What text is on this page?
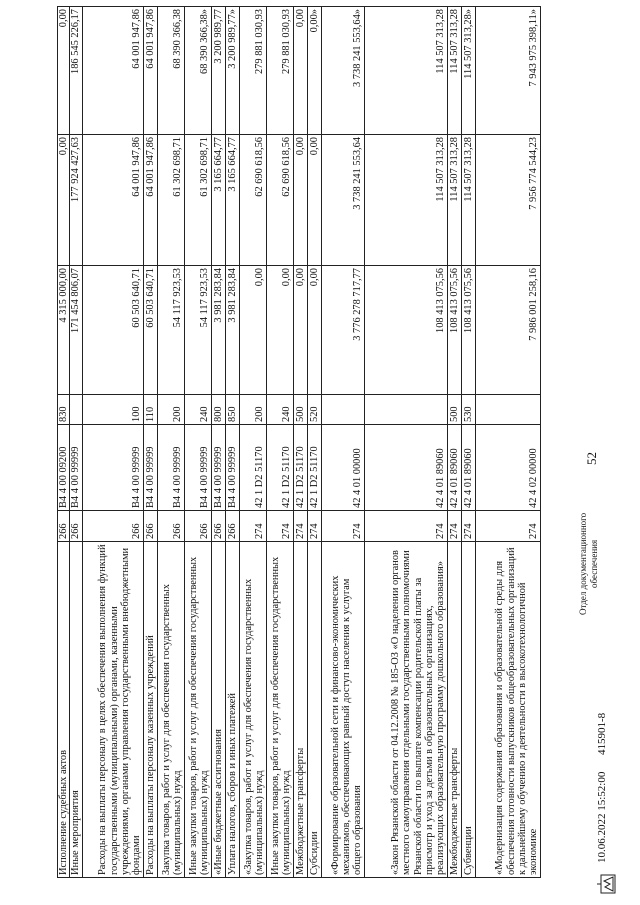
10.06.2022 15:52:00
415901-8
52
Отдел документационного обеспечения
Исполнение судебных актов	266	В4 4 00 09200	830	4 315 000,00	0,00	0,00
Иные мероприятия	266	В4 4 00 99999		171 454 806,07	177 924 427,63	186 545 226,17
Расходы на выплаты персоналу в целях обеспечения выполнения функций государственными (муниципальными) органами, казенными учреждениями, органами управления государственными внебюджетными фондами	266	В4 4 00 99999	100	60 503 640,71	64 001 947,86	64 001 947,86
Расходы на выплаты персоналу казенных учреждений	266	В4 4 00 99999	110	60 503 640,71	64 001 947,86	64 001 947,86
Закупка товаров, работ и услуг для обеспечения государственных (муниципальных) нужд	266	В4 4 00 99999	200	54 117 923,53	61 302 698,71	68 390 366,38
Иные закупки товаров, работ и услуг для обеспечения государственных (муниципальных) нужд	266	В4 4 00 99999	240	54 117 923,53	61 302 698,71	68 390 366,38»
«Иные бюджетные ассигнования	266	В4 4 00 99999	800	3 981 283,84	3 165 664,77	3 200 989,77
Уплата налогов, сборов и иных платежей	266	В4 4 00 99999	850	3 981 283,84	3 165 664,77	3 200 989,77»
«Закупка товаров, работ и услуг для обеспечения государственных (муниципальных) нужд	274	42 1 D2 51170	200	0,00	62 690 618,56	279 881 030,93
Иные закупки товаров, работ и услуг для обеспечения государственных (муниципальных) нужд	274	42 1 D2 51170	240	0,00	62 690 618,56	279 881 030,93
Межбюджетные трансферты	274	42 1 D2 51170	500	0,00	0,00	0,00
Субсидии	274	42 1 D2 51170	520	0,00	0,00	0,00»
«Формирование образовательной сети и финансово-экономических механизмов, обеспечивающих равный доступ населения к услугам общего образования	274	42 4 01 00000		3 776 278 717,77	3 738 241 553,64	3 738 241 553,64»
«Закон Рязанской области от 04.12.2008 № 185-ОЗ «О наделении органов местного самоуправления отдельными государственными полномочиями Рязанской области по выплате компенсации родительской платы за присмотр и уход за детьми в образовательных организациях, реализующих образовательную программу дошкольного образования»	274	42 4 01 89060		108 413 075,56	114 507 313,28	114 507 313,28
Межбюджетные трансферты	274	42 4 01 89060	500	108 413 075,56	114 507 313,28	114 507 313,28
Субвенции	274	42 4 01 89060	530	108 413 075,56	114 507 313,28	114 507 313,28»
«Модернизация содержания образования и образовательной среды для обеспечения готовности выпускников общеобразовательных организаций к дальнейшему обучению и деятельности в высокотехнологичной экономике	274	42 4 02 00000		7 986 001 258,16	7 956 774 544,23	7 943 975 398,11»
